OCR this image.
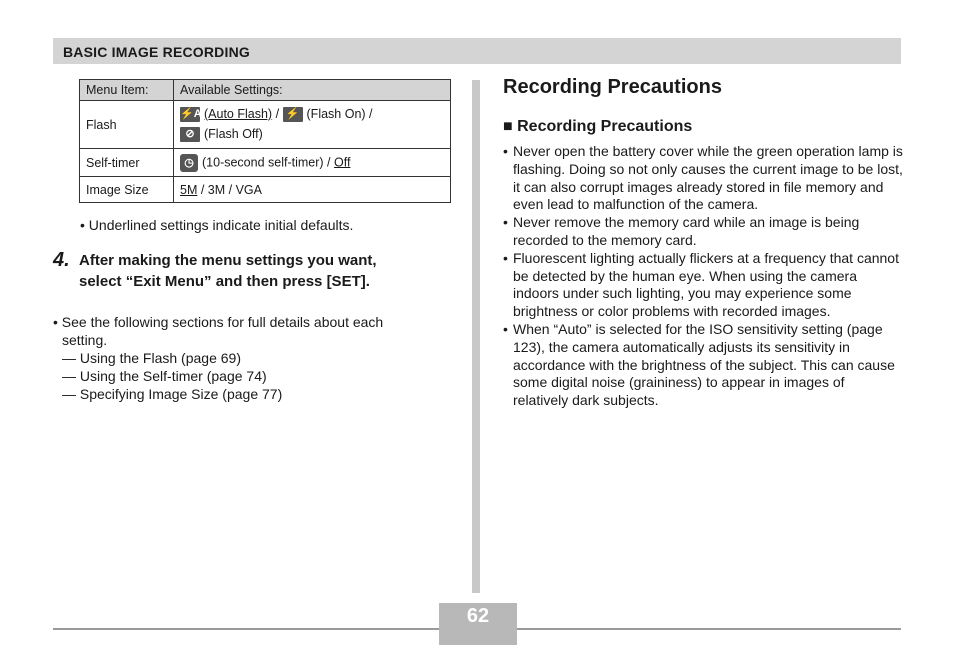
BASIC IMAGE RECORDING
Menu Item:	Available Settings:
Flash	⚡A (Auto Flash) / ⚡ (Flash On) /
⊘ (Flash Off)

Self-timer	◷ (10-second self-timer) / Off
Image Size	5M / 3M / VGA
• Underlined settings indicate initial defaults.
4. After making the menu settings you want,
select “Exit Menu” and then press [SET].
• See the following sections for full details about each
setting.
— Using the Flash (page 69)
— Using the Self-timer (page 74)
— Specifying Image Size (page 77)
Recording Precautions
■ Recording Precautions
• Never open the battery cover while the green operation lamp is flashing. Doing so not only causes the current image to be lost, it can also corrupt images already stored in file memory and even lead to malfunction of the camera.
• Never remove the memory card while an image is being recorded to the memory card.
• Fluorescent lighting actually flickers at a frequency that cannot be detected by the human eye. When using the camera indoors under such lighting, you may experience some brightness or color problems with recorded images.
• When “Auto” is selected for the ISO sensitivity setting (page 123), the camera automatically adjusts its sensitivity in accordance with the brightness of the subject. This can cause some digital noise (graininess) to appear in images of relatively dark subjects.
62
